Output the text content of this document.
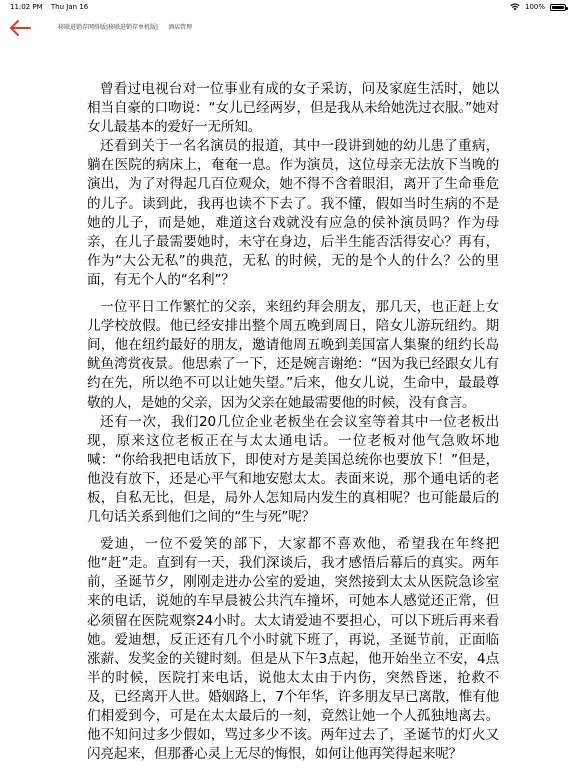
11:02 PM Thu Jan 16	100%
移联进销存网络版| 移联进销存单机版| 酒店管理

曾看过电视台对一位事业有成的女子采访，问及家庭生活时，她以相当自豪的口吻说：“女儿已经两岁，但是我从未给她洗过衣服。”她对女儿最基本的爱好一无所知。

还看到关于一名名演员的报道，其中一段讲到她的幼儿患了重病，躺在医院的病床上，奄奄一息。作为演员，这位母亲无法放下当晚的演出，为了对得起几百位观众，她不得不含着眼泪，离开了生命垂危的儿子。读到此，我再也读不下去了。我不懂，假如当时生病的不是她的儿子，而是她，难道这台戏就没有应急的侯补演员吗？作为母亲，在儿子最需要她时，未守在身边，后半生能否活得安心？再有，作为“大公无私”的典范，无私 的时候，无的是个人的什么？公的里面，有无个人的“名利”？

一位平日工作繁忙的父亲，来纽约拜会朋友，那几天，也正赶上女儿学校放假。他已经安排出整个周五晚到周日，陪女儿游玩纽约。期间，他在纽约最好的朋友，邀请他周五晚到美国富人集聚的纽约长岛鱿鱼湾赏夜景。他思索了一下，还是婉言谢绝：“因为我已经跟女儿有约在先，所以绝不可以让她失望。”后来，他女儿说，生命中，最最尊敬的人，是她的父亲，因为父亲在她最需要他的时候，没有食言。

还有一次，我们20几位企业老板坐在会议室等着其中一位老板出现，原来这位老板正在与太太通电话。一位老板对他气急败坏地喊：“你给我把电话放下，即使对方是美国总统你也要放下！”但是，他没有放下，还是心平气和地安慰太太。表面来说，那个通电话的老板，自私无比，但是，局外人怎知局内发生的真相呢？也可能最后的几句话关系到他们之间的“生与死”呢？

爱迪，一位不爱笑的部下，大家都不喜欢他，希望我在年终把他“赶”走。直到有一天，我们深谈后，我才感悟后幕后的真实。两年前，圣诞节夕，刚刚走进办公室的爱迪，突然接到太太从医院急诊室来的电话，说她的车早晨被公共汽车撞坏，可她本人感觉还正常，但必须留在医院观察24小时。太太请爱迪不要担心，可以下班后再来看她。爱迪想，反正还有几个小时就下班了，再说，圣诞节前，正面临涨薪、发奖金的关键时刻。但是从下午3点起，他开始坐立不安，4点半的时候，医院打来电话，说他太太由于内伤，突然昏迷，抢救不及，已经离开人世。婚姻路上，7个年华，许多朋友早已离散，惟有他们相爱到今，可是在太太最后的一刻，竟然让她一个人孤独地离去。他不知问过多少假如，骂过多少不该。两年过去了，圣诞节的灯火又闪亮起来，但那番心灵上无尽的悔恨，如何让他再笑得起来呢？
